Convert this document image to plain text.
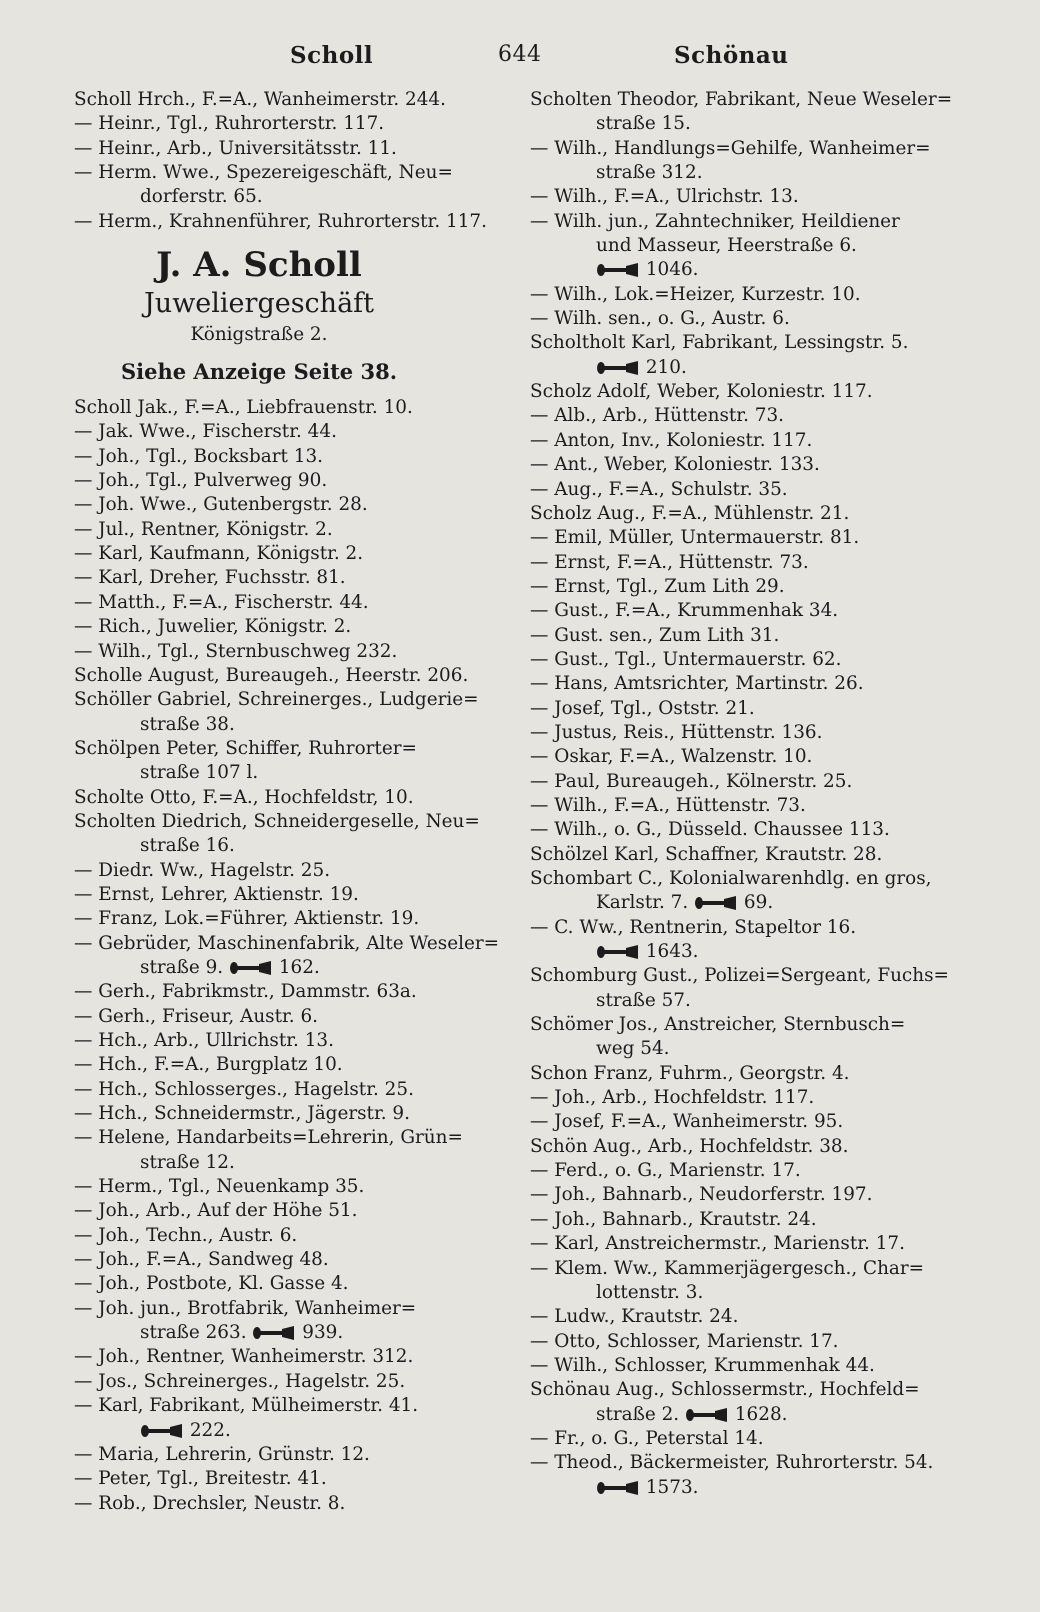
Scholl	644	Schönau
Scholl Hrch., F.=A., Wanheimerstr. 244.
— Heinr., Tgl., Ruhrorterstr. 117.
— Heinr., Arb., Universitätsstr. 11.
— Herm. Wwe., Spezereigeschäft, Neu=
dorferstr. 65.
— Herm., Krahnenführer, Ruhrorterstr. 117.
J. A. Scholl
Juweliergeschäft
Königstraße 2.
Siehe Anzeige Seite 38.
Scholl Jak., F.=A., Liebfrauenstr. 10.
— Jak. Wwe., Fischerstr. 44.
— Joh., Tgl., Bocksbart 13.
— Joh., Tgl., Pulverweg 90.
— Joh. Wwe., Gutenbergstr. 28.
— Jul., Rentner, Königstr. 2.
— Karl, Kaufmann, Königstr. 2.
— Karl, Dreher, Fuchsstr. 81.
— Matth., F.=A., Fischerstr. 44.
— Rich., Juwelier, Königstr. 2.
— Wilh., Tgl., Sternbuschweg 232.
Scholle August, Bureaugeh., Heerstr. 206.
Schöller Gabriel, Schreinerges., Ludgerie=
straße 38.
Schölpen Peter, Schiffer, Ruhrorter=
straße 107 l.
Scholte Otto, F.=A., Hochfeldstr, 10.
Scholten Diedrich, Schneidergeselle, Neu=
straße 16.
— Diedr. Ww., Hagelstr. 25.
— Ernst, Lehrer, Aktienstr. 19.
— Franz, Lok.=Führer, Aktienstr. 19.
— Gebrüder, Maschinenfabrik, Alte Weseler=
straße 9.	162.
— Gerh., Fabrikmstr., Dammstr. 63a.
— Gerh., Friseur, Austr. 6.
— Hch., Arb., Ullrichstr. 13.
— Hch., F.=A., Burgplatz 10.
— Hch., Schlosserges., Hagelstr. 25.
— Hch., Schneidermstr., Jägerstr. 9.
— Helene, Handarbeits=Lehrerin, Grün=
straße 12.
— Herm., Tgl., Neuenkamp 35.
— Joh., Arb., Auf der Höhe 51.
— Joh., Techn., Austr. 6.
— Joh., F.=A., Sandweg 48.
— Joh., Postbote, Kl. Gasse 4.
— Joh. jun., Brotfabrik, Wanheimer=
straße 263.	939.
— Joh., Rentner, Wanheimerstr. 312.
— Jos., Schreinerges., Hagelstr. 25.
— Karl, Fabrikant, Mülheimerstr. 41.
222.
— Maria, Lehrerin, Grünstr. 12.
— Peter, Tgl., Breitestr. 41.
— Rob., Drechsler, Neustr. 8.
Scholten Theodor, Fabrikant, Neue Weseler=
straße 15.
— Wilh., Handlungs=Gehilfe, Wanheimer=
straße 312.
— Wilh., F.=A., Ulrichstr. 13.
— Wilh. jun., Zahntechniker, Heildiener
und Masseur, Heerstraße 6.
1046.
— Wilh., Lok.=Heizer, Kurzestr. 10.
— Wilh. sen., o. G., Austr. 6.
Scholtholt Karl, Fabrikant, Lessingstr. 5.
210.
Scholz Adolf, Weber, Koloniestr. 117.
— Alb., Arb., Hüttenstr. 73.
— Anton, Inv., Koloniestr. 117.
— Ant., Weber, Koloniestr. 133.
— Aug., F.=A., Schulstr. 35.
Scholz Aug., F.=A., Mühlenstr. 21.
— Emil, Müller, Untermauerstr. 81.
— Ernst, F.=A., Hüttenstr. 73.
— Ernst, Tgl., Zum Lith 29.
— Gust., F.=A., Krummenhak 34.
— Gust. sen., Zum Lith 31.
— Gust., Tgl., Untermauerstr. 62.
— Hans, Amtsrichter, Martinstr. 26.
— Josef, Tgl., Oststr. 21.
— Justus, Reis., Hüttenstr. 136.
— Oskar, F.=A., Walzenstr. 10.
— Paul, Bureaugeh., Kölnerstr. 25.
— Wilh., F.=A., Hüttenstr. 73.
— Wilh., o. G., Düsseld. Chaussee 113.
Schölzel Karl, Schaffner, Krautstr. 28.
Schombart C., Kolonialwarenhdlg. en gros,
Karlstr. 7.	69.
— C. Ww., Rentnerin, Stapeltor 16.
1643.
Schomburg Gust., Polizei=Sergeant, Fuchs=
straße 57.
Schömer Jos., Anstreicher, Sternbusch=
weg 54.
Schon Franz, Fuhrm., Georgstr. 4.
— Joh., Arb., Hochfeldstr. 117.
— Josef, F.=A., Wanheimerstr. 95.
Schön Aug., Arb., Hochfeldstr. 38.
— Ferd., o. G., Marienstr. 17.
— Joh., Bahnarb., Neudorferstr. 197.
— Joh., Bahnarb., Krautstr. 24.
— Karl, Anstreichermstr., Marienstr. 17.
— Klem. Ww., Kammerjägergesch., Char=
lottenstr. 3.
— Ludw., Krautstr. 24.
— Otto, Schlosser, Marienstr. 17.
— Wilh., Schlosser, Krummenhak 44.
Schönau Aug., Schlossermstr., Hochfeld=
straße 2.	1628.
— Fr., o. G., Peterstal 14.
— Theod., Bäckermeister, Ruhrorterstr. 54.
1573.
